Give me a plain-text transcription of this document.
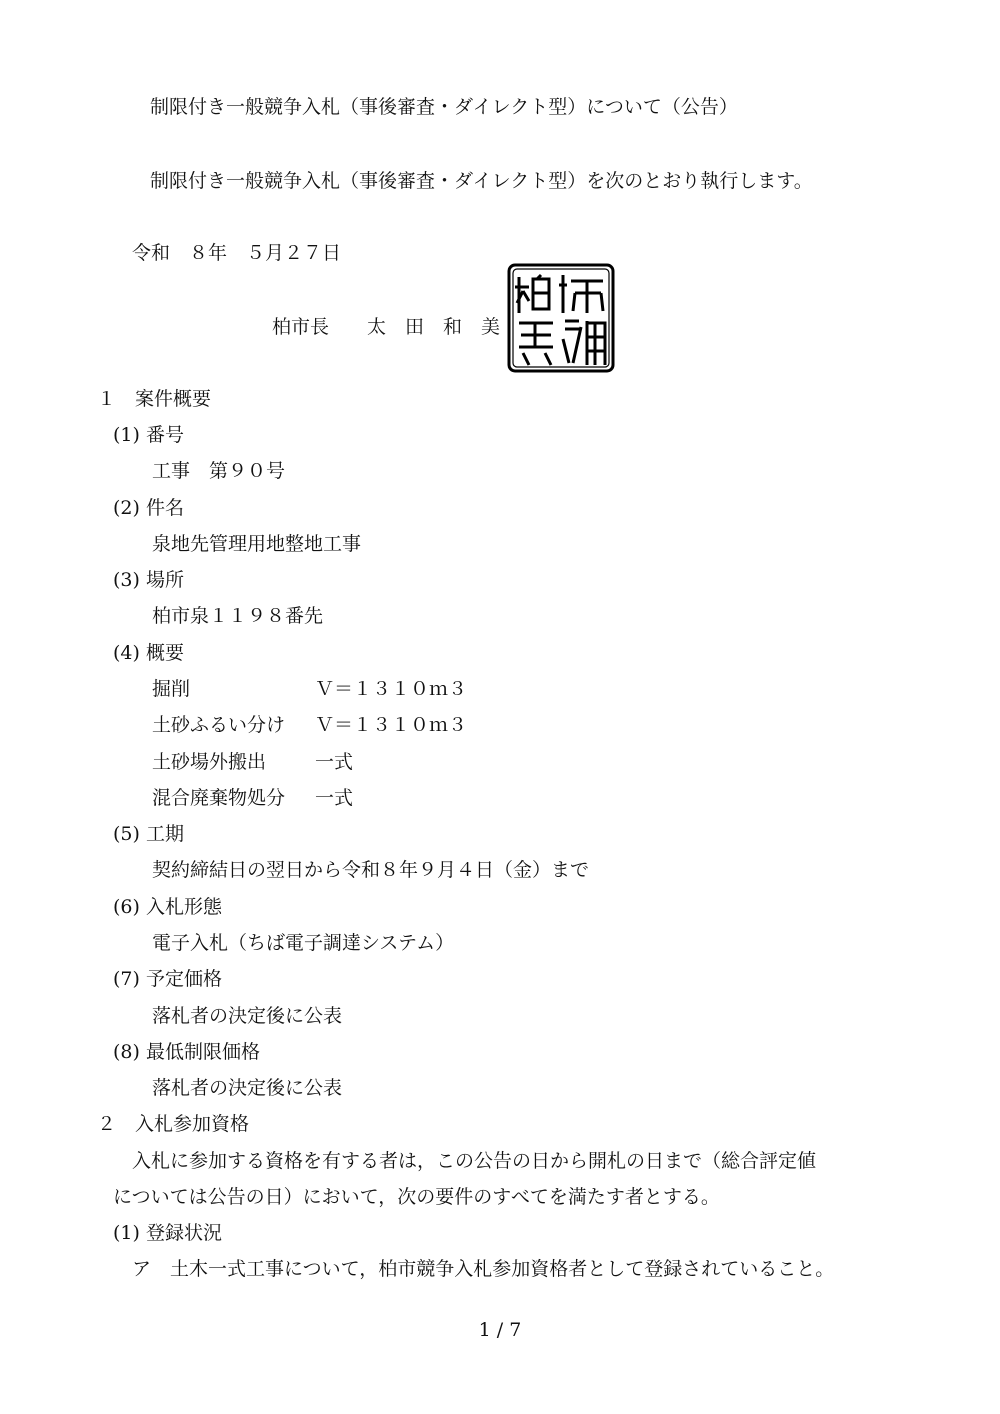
制限付き一般競争入札（事後審査・ダイレクト型）について（公告）
制限付き一般競争入札（事後審査・ダイレクト型）を次のとおり執行します。
令和　８年　５月２７日
柏市長　　太　田　和　美
１　案件概要
(1) 番号
工事　第９０号
(2) 件名
泉地先管理用地整地工事
(3) 場所
柏市泉１１９８番先
(4) 概要
掘削	Ｖ＝１３１０ｍ３
土砂ふるい分け Ｖ＝１３１０ｍ３
土砂場外搬出	一式
混合廃棄物処分 一式
(5) 工期
契約締結日の翌日から令和８年９月４日（金）まで
(6) 入札形態
電子入札（ちば電子調達システム）
(7) 予定価格
落札者の決定後に公表
(8) 最低制限価格
落札者の決定後に公表
２　入札参加資格
入札に参加する資格を有する者は，この公告の日から開札の日まで（総合評定値
については公告の日）において，次の要件のすべてを満たす者とする。
(1) 登録状況
ア　土木一式工事について，柏市競争入札参加資格者として登録されていること。
1 / 7
